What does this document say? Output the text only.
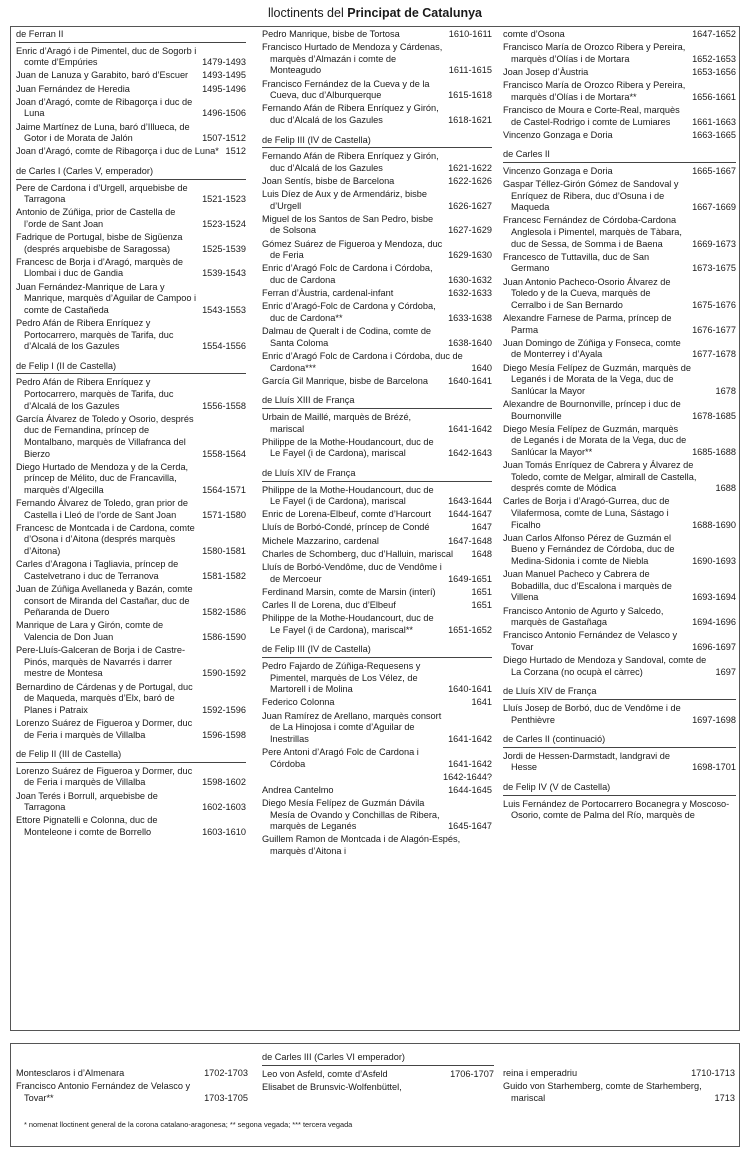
lloctinents del Principat de Catalunya
de Ferran II
Enric d’Aragó i de Pimentel, duc de Sogorb i comte d’Empúries	1479-1493
Juan de Lanuza y Garabito, baró d’Escuer	1493-1495
Juan Fernández de Heredia	1495-1496
Joan d’Aragó, comte de Ribagorça i duc de Luna	1496-1506
Jaime Martínez de Luna, baró d’Illueca, de Gotor i de Morata de Jalón	1507-1512
Joan d’Aragó, comte de Ribagorça i duc de Luna* 1512
de Carles I (Carles V, emperador)
Pere de Cardona i d’Urgell, arquebisbe de Tarragona	1521-1523
Antonio de Zúñiga, prior de Castella de l’orde de Sant Joan	1523-1524
Fadrique de Portugal, bisbe de Sigüenza (després arquebisbe de Saragossa)	1525-1539
Francesc de Borja i d’Aragó, marquès de Llombai i duc de Gandia	1539-1543
Juan Fernández-Manrique de Lara y Manrique, marquès d’Aguilar de Campoo i comte de Castañeda	1543-1553
Pedro Afán de Ribera Enríquez y Portocarrero, marquès de Tarifa, duc d’Alcalá de los Gazules	1554-1556
de Felip I (II de Castella)
Pedro Afán de Ribera Enríquez y Portocarrero, marquès de Tarifa, duc d’Alcalá de los Gazules	1556-1558
García Álvarez de Toledo y Osorio, després duc de Fernandina, príncep de Montalbano, marquès de Villafranca del Bierzo	1558-1564
Diego Hurtado de Mendoza y de la Cerda, príncep de Mélito, duc de Francavilla, marquès d’Algecilla	1564-1571
Fernando Álvarez de Toledo, gran prior de Castella i Lleó de l’orde de Sant Joan	1571-1580
Francesc de Montcada i de Cardona, comte d’Osona i d’Aitona (després marquès d’Aitona)	1580-1581
Carles d’Aragona i Tagliavia, príncep de Castelvetrano i duc de Terranova	1581-1582
Juan de Zúñiga Avellaneda y Bazán, comte consort de Miranda del Castañar, duc de Peñaranda de Duero	1582-1586
Manrique de Lara y Girón, comte de Valencia de Don Juan	1586-1590
Pere-Lluís-Galceran de Borja i de Castre-Pinós, marquès de Navarrés i darrer mestre de Montesa	1590-1592
Bernardino de Cárdenas y de Portugal, duc de Maqueda, marquès d’Elx, baró de Planes i Patraix	1592-1596
Lorenzo Suárez de Figueroa y Dormer, duc de Feria i marquès de Villalba	1596-1598
de Felip II (III de Castella)
Lorenzo Suárez de Figueroa y Dormer, duc de Feria i marquès de Villalba	1598-1602
Joan Terés i Borrull, arquebisbe de Tarragona	1602-1603
Ettore Pignatelli e Colonna, duc de Monteleone i comte de Borrello	1603-1610
Pedro Manrique, bisbe de Tortosa	1610-1611
Francisco Hurtado de Mendoza y Cárdenas, marquès d’Almazán i comte de Monteagudo	1611-1615
Francisco Fernández de la Cueva y de la Cueva, duc d’Alburquerque	1615-1618
Fernando Afán de Ribera Enríquez y Girón, duc d’Alcalá de los Gazules	1618-1621
de Felip III (IV de Castella)
Fernando Afán de Ribera Enríquez y Girón, duc d’Alcalá de los Gazules	1621-1622
Joan Sentís, bisbe de Barcelona	1622-1626
Luis Díez de Aux y de Armendáriz, bisbe d’Urgell	1626-1627
Miguel de los Santos de San Pedro, bisbe de Solsona	1627-1629
Gómez Suárez de Figueroa y Mendoza, duc de Feria	1629-1630
Enric d’Aragó Folc de Cardona i Córdoba, duc de Cardona	1630-1632
Ferran d’Àustria, cardenal-infant	1632-1633
Enric d’Aragó-Folc de Cardona y Córdoba, duc de Cardona**	1633-1638
Dalmau de Queralt i de Codina, comte de Santa Coloma	1638-1640
Enric d’Aragó Folc de Cardona i Córdoba, duc de Cardona***	1640
García Gil Manrique, bisbe de Barcelona	1640-1641
de Lluís XIII de França
Urbain de Maillé, marquès de Brézé, mariscal	1641-1642
Philippe de la Mothe-Houdancourt, duc de Le Fayel (i de Cardona), mariscal	1642-1643
de Lluís XIV de França
Philippe de la Mothe-Houdancourt, duc de Le Fayel (i de Cardona), mariscal	1643-1644
Enric de Lorena-Elbeuf, comte d’Harcourt	1644-1647
Lluís de Borbó-Condé, príncep de Condé	1647
Michele Mazzarino, cardenal	1647-1648
Charles de Schomberg, duc d’Halluin, mariscal	1648
Lluís de Borbó-Vendôme, duc de Vendôme i de Mercoeur	1649-1651
Ferdinand Marsin, comte de Marsin (interí)	1651
Carles II de Lorena, duc d’Elbeuf	1651
Philippe de la Mothe-Houdancourt, duc de Le Fayel (i de Cardona), mariscal**	1651-1652
de Felip III (IV de Castella)
Pedro Fajardo de Zúñiga-Requesens y Pimentel, marquès de Los Vélez, de Martorell i de Molina	1640-1641
Federico Colonna	1641
Juan Ramírez de Arellano, marquès consort de La Hinojosa i comte d’Aguilar de Inestrillas	1641-1642
Pere Antoni d’Aragó Folc de Cardona i Córdoba	1641-1642
1642-1644?
Andrea Cantelmo	1644-1645
Diego Mesía Felípez de Guzmán Dávila Mesía de Ovando y Conchillas de Ribera, marquès de Leganés	1645-1647
Guillem Ramon de Montcada i de Alagón-Espés, marquès d’Aitona i
comte d’Osona	1647-1652
Francisco María de Orozco Ribera y Pereira, marquès d’Olías i de Mortara	1652-1653
Joan Josep d’Àustria	1653-1656
Francisco María de Orozco Ribera y Pereira, marquès d’Olías i de Mortara**	1656-1661
Francisco de Moura e Corte-Real, marquès de Castel-Rodrigo i comte de Lumiares	1661-1663
Vincenzo Gonzaga e Doria	1663-1665
de Carles II
Vincenzo Gonzaga e Doria	1665-1667
Gaspar Téllez-Girón Gómez de Sandoval y Enríquez de Ribera, duc d’Osuna i de Maqueda	1667-1669
Francesc Fernández de Córdoba-Cardona Anglesola i Pimentel, marquès de Tàbara, duc de Sessa, de Somma i de Baena	1669-1673
Francesco de Tuttavilla, duc de San Germano	1673-1675
Juan Antonio Pacheco-Osorio Álvarez de Toledo y de la Cueva, marquès de Cerralbo i de San Bernardo	1675-1676
Alexandre Farnese de Parma, príncep de Parma	1676-1677
Juan Domingo de Zúñiga y Fonseca, comte de Monterrey i d’Ayala	1677-1678
Diego Mesía Felípez de Guzmán, marquès de Leganés i de Morata de la Vega, duc de Sanlúcar la Mayor	1678
Alexandre de Bournonville, príncep i duc de Bournonville	1678-1685
Diego Mesía Felípez de Guzmán, marquès de Leganés i de Morata de la Vega, duc de Sanlúcar la Mayor**	1685-1688
Juan Tomás Enríquez de Cabrera y Álvarez de Toledo, comte de Melgar, almirall de Castella, després comte de Módica	1688
Carles de Borja i d’Aragó-Gurrea, duc de Vilafermosa, comte de Luna, Sástago i Ficalho	1688-1690
Juan Carlos Alfonso Pérez de Guzmán el Bueno y Fernández de Córdoba, duc de Medina-Sidonia i comte de Niebla	1690-1693
Juan Manuel Pacheco y Cabrera de Bobadilla, duc d’Escalona i marquès de Villena	1693-1694
Francisco Antonio de Agurto y Salcedo, marquès de Gastañaga	1694-1696
Francisco Antonio Fernández de Velasco y Tovar	1696-1697
Diego Hurtado de Mendoza y Sandoval, comte de La Corzana (no ocupà el càrrec)	1697
de Lluís XIV de França
Lluís Josep de Borbó, duc de Vendôme i de Penthièvre	1697-1698
de Carles II (continuació)
Jordi de Hessen-Darmstadt, landgravi de Hesse	1698-1701
de Felip IV (V de Castella)
Luis Fernández de Portocarrero Bocanegra y Moscoso-Osorio, comte de Palma del Río, marquès de
Montesclaros i d’Almenara	1702-1703
Francisco Antonio Fernández de Velasco y Tovar**	1703-1705
de Carles III (Carles VI emperador)
Leo von Asfeld, comte d’Asfeld	1706-1707
Elisabet de Brunsvic-Wolfenbüttel,
reina i emperadriu	1710-1713
Guido von Starhemberg, comte de Starhemberg, mariscal	1713
* nomenat lloctinent general de la corona catalano-aragonesa; ** segona vegada; *** tercera vegada
